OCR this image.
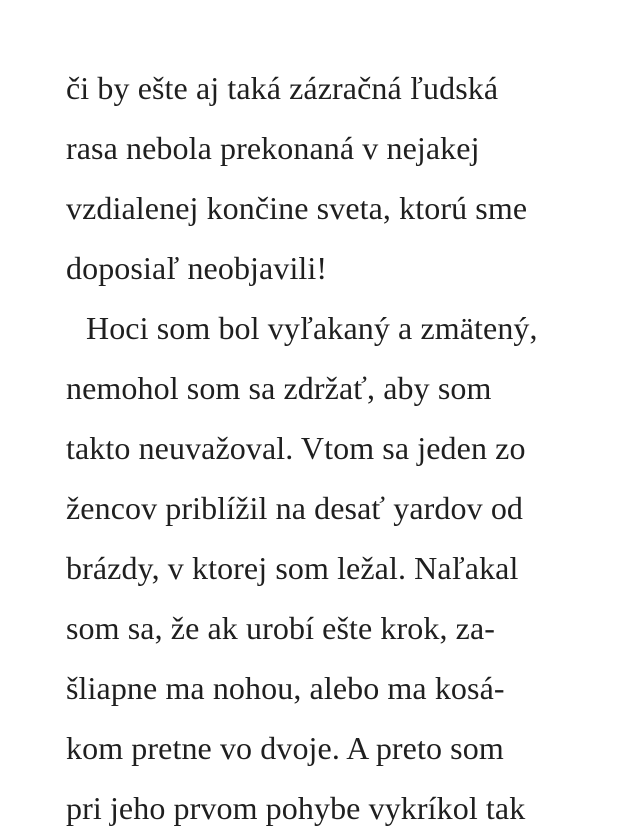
či by ešte aj taká zázračná ľudská
rasa nebola prekonaná v nejakej
vzdialenej končine sveta, ktorú sme
doposiaľ neobjavili!
Hoci som bol vyľakaný a zmätený,
nemohol som sa zdržať, aby som
takto neuvažoval. Vtom sa jeden zo
žencov priblížil na desať yardov od
brázdy, v ktorej som ležal. Naľakal
som sa, že ak urobí ešte krok, za-
šliapne ma nohou, alebo ma kosá-
kom pretne vo dvoje. A preto som
pri jeho prvom pohybe vykríkol tak
